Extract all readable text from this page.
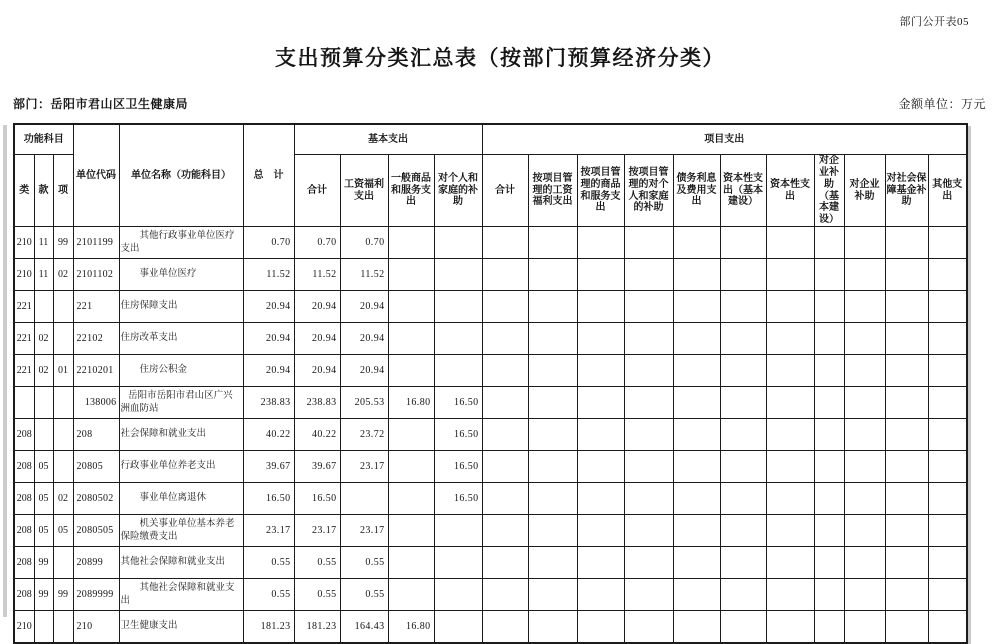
部门公开表05
支出预算分类汇总表（按部门预算经济分类）
部门：岳阳市君山区卫生健康局	金额单位：万元
功能科目			单位代码	单位名称（功能科目）	总　计	基本支出				项目支出										
类	款	项				合计	工资福利支出	一般商品和服务支出	对个人和家庭的补助	合计	按项目管理的工资福利支出	按项目管理的商品和服务支出	按项目管理的对个人和家庭的补助	债务利息及费用支出	资本性支出（基本建设）	资本性支出	对企业补助（基本建设）	对企业补助	对社会保障基金补助	其他支出
210	11	99	2101199	其他行政事业单位医疗支出	0.70	0.70	0.70													
210	11	02	2101102	事业单位医疗	11.52	11.52	11.52													
221			221	住房保障支出	20.94	20.94	20.94													
221	02		22102	住房改革支出	20.94	20.94	20.94													
221	02	01	2210201	住房公积金	20.94	20.94	20.94													
			138006	岳阳市岳阳市君山区广兴洲血防站	238.83	238.83	205.53	16.80	16.50											
208			208	社会保障和就业支出	40.22	40.22	23.72		16.50											
208	05		20805	行政事业单位养老支出	39.67	39.67	23.17		16.50											
208	05	02	2080502	事业单位离退休	16.50	16.50			16.50											
208	05	05	2080505	机关事业单位基本养老保险缴费支出	23.17	23.17	23.17													
208	99		20899	其他社会保障和就业支出	0.55	0.55	0.55													
208	99	99	2089999	其他社会保障和就业支出	0.55	0.55	0.55													
210			210	卫生健康支出	181.23	181.23	164.43	16.80												
